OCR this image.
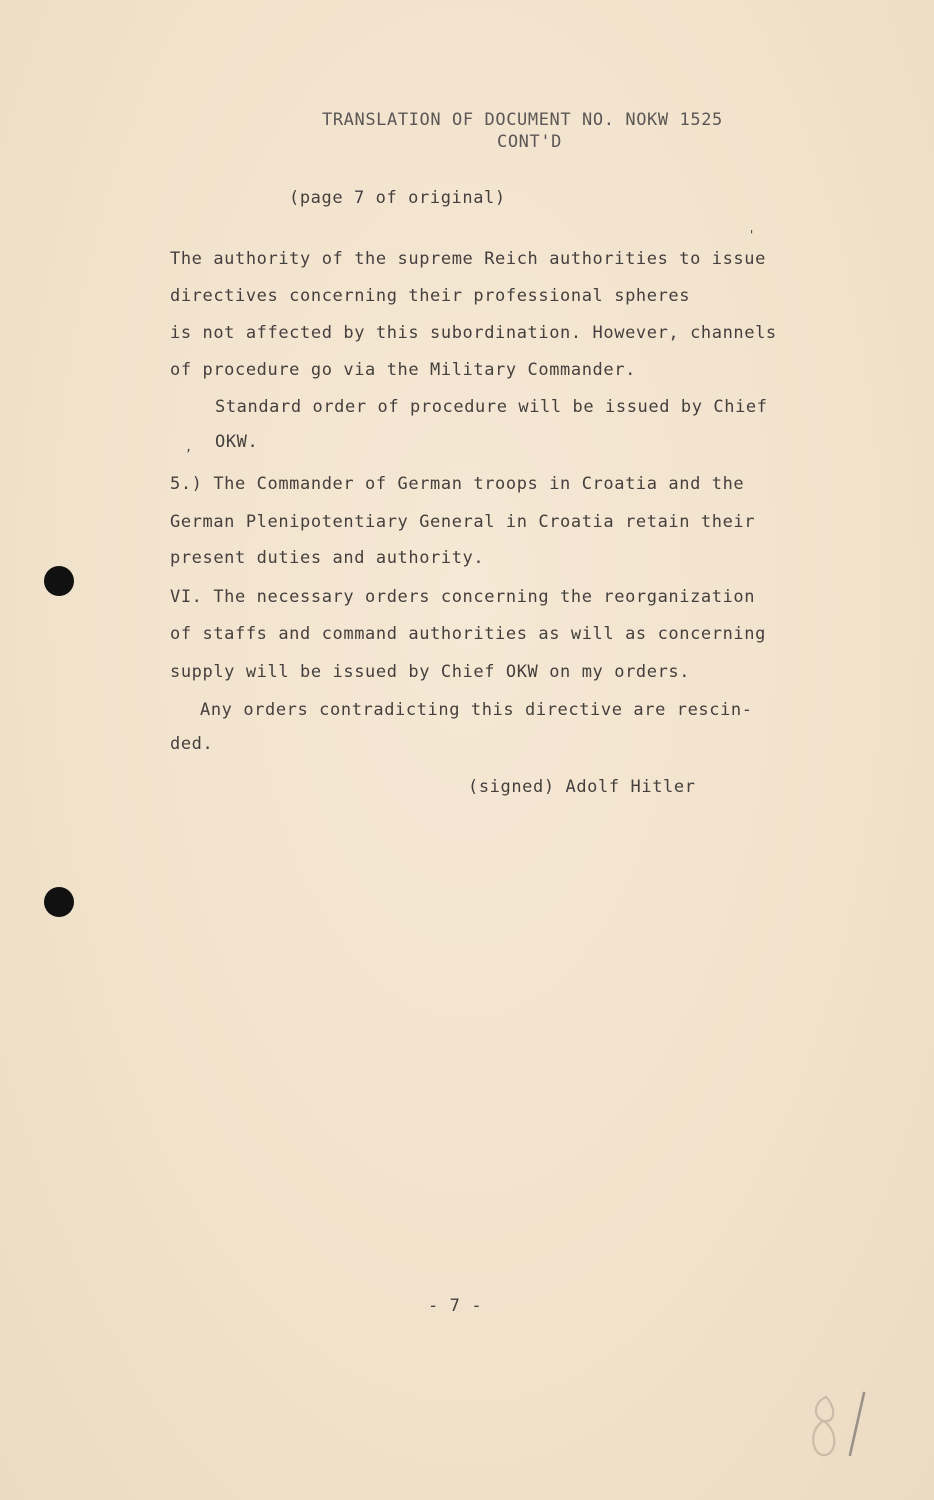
TRANSLATION OF DOCUMENT NO. NOKW 1525
CONT'D
(page 7 of original)
The authority of the supreme Reich authorities to issue
directives concerning their professional spheres
is not affected by this subordination. However, channels
of procedure go via the Military Commander.
Standard order of procedure will be issued by Chief
OKW.
5.) The Commander of German troops in Croatia and the
German Plenipotentiary General in Croatia retain their
present duties and authority.
VI. The necessary orders concerning the reorganization
of staffs and command authorities as will as concerning
supply will be issued by Chief OKW on my orders.
Any orders contradicting this directive are rescin-
ded.
(signed) Adolf Hitler
- 7 -
,
'
